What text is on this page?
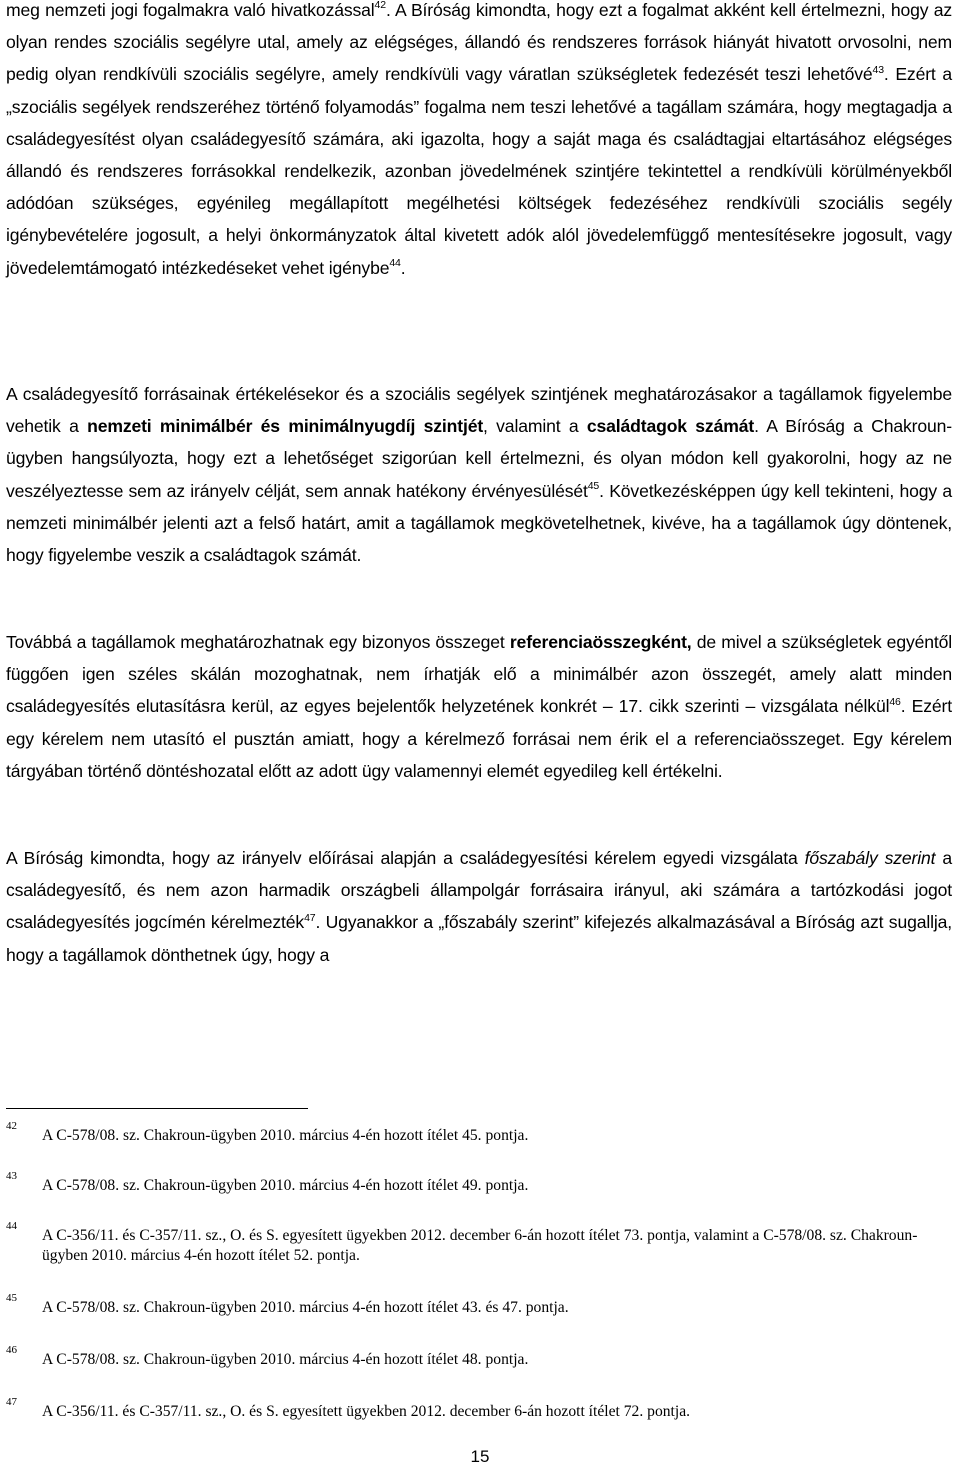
meg nemzeti jogi fogalmakra való hivatkozással$^{42}$. A Bíróság kimondta, hogy ezt a fogalmat akként kell értelmezni, hogy az olyan rendes szociális segélyre utal, amely az elégséges, állandó és rendszeres források hiányát hivatott orvosolni, nem pedig olyan rendkívüli szociális segélyre, amely rendkívüli vagy váratlan szükségletek fedezését teszi lehetővé$^{43}$. Ezért a „szociális segélyek rendszeréhez történő folyamodás” fogalma nem teszi lehetővé a tagállam számára, hogy megtagadja a családegyesítést olyan családegyesítő számára, aki igazolta, hogy a saját maga és családtagjai eltartásához elégséges állandó és rendszeres forrásokkal rendelkezik, azonban jövedelmének szintjére tekintettel a rendkívüli körülményekből adódóan szükséges, egyénileg megállapított megélhetési költségek fedezéséhez rendkívüli szociális segély igénybevételére jogosult, a helyi önkormányzatok által kivetett adók alól jövedelemfüggő mentesítésekre jogosult, vagy jövedelemtámogató intézkedéseket vehet igénybe$^{44}$.

A családegyesítő forrásainak értékelésekor és a szociális segélyek szintjének meghatározásakor a tagállamok figyelembe vehetik a nemzeti minimálbér és minimálnyugdíj szintjét, valamint a családtagok számát. A Bíróság a Chakroun-ügyben hangsúlyozta, hogy ezt a lehetőséget szigorúan kell értelmezni, és olyan módon kell gyakorolni, hogy az ne veszélyeztesse sem az irányelv célját, sem annak hatékony érvényesülését$^{45}$. Következésképpen úgy kell tekinteni, hogy a nemzeti minimálbér jelenti azt a felső határt, amit a tagállamok megkövetelhetnek, kivéve, ha a tagállamok úgy döntenek, hogy figyelembe veszik a családtagok számát.

Továbbá a tagállamok meghatározhatnak egy bizonyos összeget referenciaösszegként, de mivel a szükségletek egyéntől függően igen széles skálán mozoghatnak, nem írhatják elő a minimálbér azon összegét, amely alatt minden családegyesítés elutasításra kerül, az egyes bejelentők helyzetének konkrét – 17. cikk szerinti – vizsgálata nélkül$^{46}$. Ezért egy kérelem nem utasító el pusztán amiatt, hogy a kérelmező forrásai nem érik el a referenciaösszeget. Egy kérelem tárgyában történő döntéshozatal előtt az adott ügy valamennyi elemét egyedileg kell értékelni.

A Bíróság kimondta, hogy az irányelv előírásai alapján a családegyesítési kérelem egyedi vizsgálata főszabály szerint a családegyesítő, és nem azon harmadik országbeli állampolgár forrásaira irányul, aki számára a tartózkodási jogot családegyesítés jogcímén kérelmezték$^{47}$. Ugyanakkor a „főszabály szerint” kifejezés alkalmazásával a Bíróság azt sugallja, hogy a tagállamok dönthetnek úgy, hogy a

42
A C-578/08. sz. Chakroun-ügyben 2010. március 4-én hozott ítélet 45. pontja.
43
A C-578/08. sz. Chakroun-ügyben 2010. március 4-én hozott ítélet 49. pontja.
44
A C-356/11. és C-357/11. sz., O. és S. egyesített ügyekben 2012. december 6-án hozott ítélet 73. pontja, valamint a C-578/08. sz. Chakroun-ügyben 2010. március 4-én hozott ítélet 52. pontja.
45
A C-578/08. sz. Chakroun-ügyben 2010. március 4-én hozott ítélet 43. és 47. pontja.
46
A C-578/08. sz. Chakroun-ügyben 2010. március 4-én hozott ítélet 48. pontja.
47
A C-356/11. és C-357/11. sz., O. és S. egyesített ügyekben 2012. december 6-án hozott ítélet 72. pontja.
15
